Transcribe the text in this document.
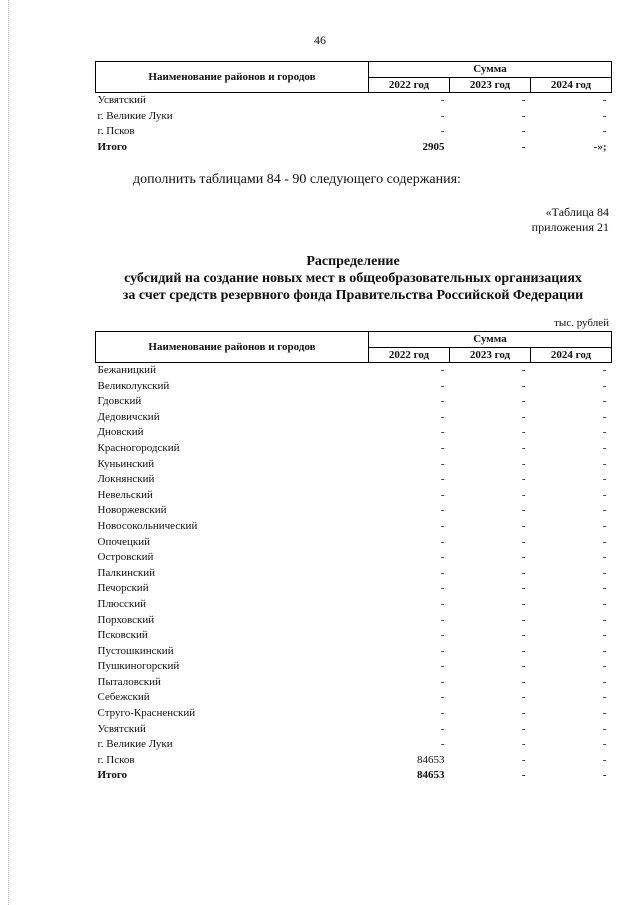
46
Наименование районов и городов	Сумма		
	2022 год	2023 год	2024 год
Усвятский	-	-	-
г. Великие Луки	-	-	-
г. Псков	-	-	-
Итого	2905	-	-»;
дополнить таблицами 84 - 90 следующего содержания:
«Таблица 84
приложения 21
Распределение
субсидий на создание новых мест в общеобразовательных организациях
за счет средств резервного фонда Правительства Российской Федерации
тыс. рублей
Наименование районов и городов	Сумма		
	2022 год	2023 год	2024 год
Бежаницкий	-	-	-
Великолукский	-	-	-
Гдовский	-	-	-
Дедовичский	-	-	-
Дновский	-	-	-
Красногородский	-	-	-
Куньинский	-	-	-
Локнянский	-	-	-
Невельский	-	-	-
Новоржевский	-	-	-
Новосокольнический	-	-	-
Опочецкий	-	-	-
Островский	-	-	-
Палкинский	-	-	-
Печорский	-	-	-
Плюсский	-	-	-
Порховский	-	-	-
Псковский	-	-	-
Пустошкинский	-	-	-
Пушкиногорский	-	-	-
Пыталовский	-	-	-
Себежский	-	-	-
Струго-Красненский	-	-	-
Усвятский	-	-	-
г. Великие Луки	-	-	-
г. Псков	84653	-	-
Итого	84653	-	-
